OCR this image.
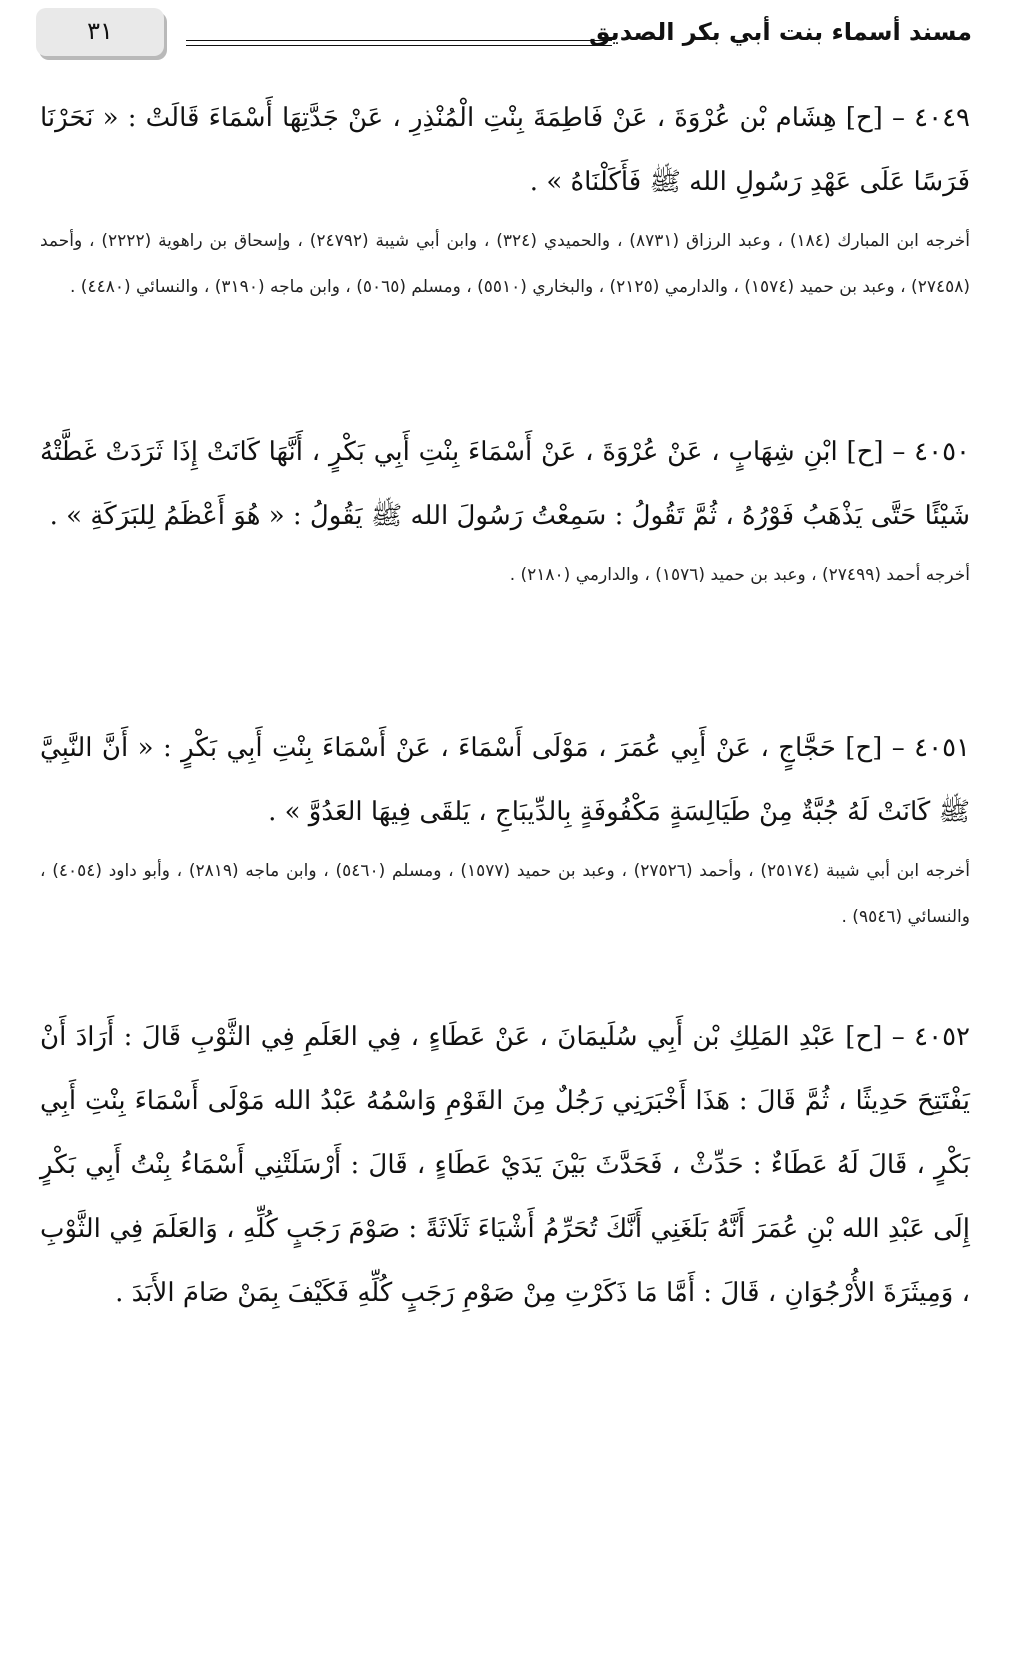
مسند أسماء بنت أبي بكر الصديق
٣١

٤٠٤٩ – [ح] هِشَام بْن عُرْوَةَ ، عَنْ فَاطِمَةَ بِنْتِ الْمُنْذِرِ ، عَنْ جَدَّتِهَا أَسْمَاءَ قَالَتْ : « نَحَرْنَا فَرَسًا عَلَى عَهْدِ رَسُولِ الله ﷺ فَأَكَلْنَاهُ » .

أخرجه ابن المبارك (١٨٤) ، وعبد الرزاق (٨٧٣١) ، والحميدي (٣٢٤) ، وابن أبي شيبة (٢٤٧٩٢) ، وإسحاق بن راهوية (٢٢٢٢) ، وأحمد (٢٧٤٥٨) ، وعبد بن حميد (١٥٧٤) ، والدارمي (٢١٢٥) ، والبخاري (٥٥١٠) ، ومسلم (٥٠٦٥) ، وابن ماجه (٣١٩٠) ، والنسائي (٤٤٨٠) .

٤٠٥٠ – [ح] ابْنِ شِهَابٍ ، عَنْ عُرْوَةَ ، عَنْ أَسْمَاءَ بِنْتِ أَبِي بَكْرٍ ، أَنَّهَا كَانَتْ إِذَا ثَرَدَتْ غَطَّتْهُ شَيْئًا حَتَّى يَذْهَبُ فَوْرُهُ ، ثُمَّ تَقُولُ : سَمِعْتُ رَسُولَ الله ﷺ يَقُولُ : « هُوَ أَعْظَمُ لِلبَرَكَةِ » .

أخرجه أحمد (٢٧٤٩٩) ، وعبد بن حميد (١٥٧٦) ، والدارمي (٢١٨٠) .

٤٠٥١ – [ح] حَجَّاجٍ ، عَنْ أَبِي عُمَرَ ، مَوْلَى أَسْمَاءَ ، عَنْ أَسْمَاءَ بِنْتِ أَبِي بَكْرٍ : « أَنَّ النَّبِيَّ ﷺ كَانَتْ لَهُ جُبَّةٌ مِنْ طَيَالِسَةٍ مَكْفُوفَةٍ بِالدِّيبَاجِ ، يَلقَى فِيهَا العَدُوَّ » .

أخرجه ابن أبي شيبة (٢٥١٧٤) ، وأحمد (٢٧٥٢٦) ، وعبد بن حميد (١٥٧٧) ، ومسلم (٥٤٦٠) ، وابن ماجه (٢٨١٩) ، وأبو داود (٤٠٥٤) ، والنسائي (٩٥٤٦) .

٤٠٥٢ – [ح] عَبْدِ المَلِكِ بْن أَبِي سُلَيمَانَ ، عَنْ عَطَاءٍ ، فِي العَلَمِ فِي الثَّوْبِ قَالَ : أَرَادَ أَنْ يَفْتَتِحَ حَدِيثًا ، ثُمَّ قَالَ : هَذَا أَخْبَرَنِي رَجُلٌ مِنَ القَوْمِ وَاسْمُهُ عَبْدُ الله مَوْلَى أَسْمَاءَ بِنْتِ أَبِي بَكْرٍ ، قَالَ لَهُ عَطَاءٌ : حَدِّثْ ، فَحَدَّثَ بَيْنَ يَدَيْ عَطَاءٍ ، قَالَ : أَرْسَلَتْنِي أَسْمَاءُ بِنْتُ أَبِي بَكْرٍ إِلَى عَبْدِ الله بْنِ عُمَرَ أَنَّهُ بَلَغَنِي أَنَّكَ تُحَرِّمُ أَشْيَاءَ ثَلَاثَةً : صَوْمَ رَجَبٍ كُلِّهِ ، وَالعَلَمَ فِي الثَّوْبِ ، وَمِيثَرَةَ الأُرْجُوَانِ ، قَالَ : أَمَّا مَا ذَكَرْتِ مِنْ صَوْمِ رَجَبٍ كُلِّهِ فَكَيْفَ بِمَنْ صَامَ الأَبَدَ .
